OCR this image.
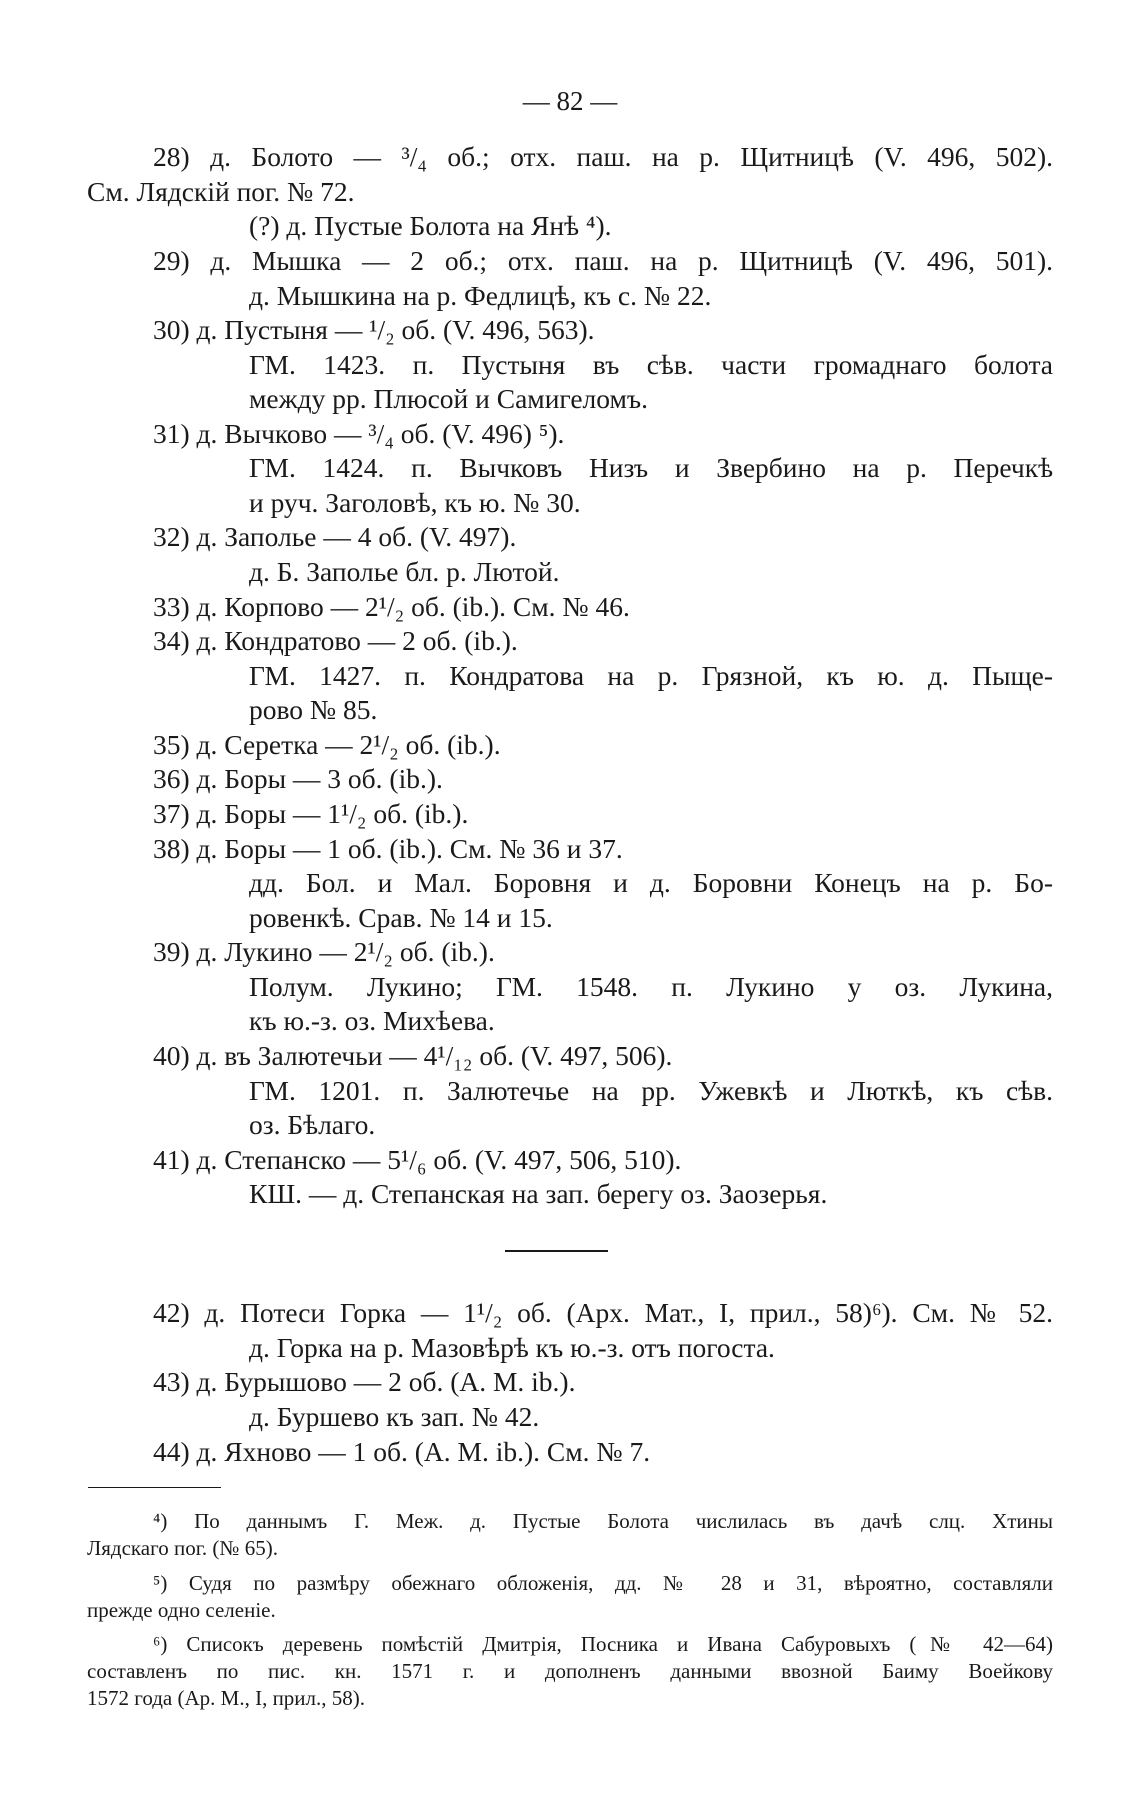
— 82 —
28) д. Болото — ³/₄ об.; отх. паш. на р. Щитницѣ (V. 496, 502).
См. Лядскій пог. № 72.
(?) д. Пустые Болота на Янѣ ⁴).
29) д. Мышка — 2 об.; отх. паш. на р. Щитницѣ (V. 496, 501).
д. Мышкина на р. Федлицѣ, къ с. № 22.
30) д. Пустыня — ¹/₂ об. (V. 496, 563).
ГМ. 1423. п. Пустыня въ сѣв. части громаднаго болота
между рр. Плюсой и Самигеломъ.
31) д. Вычково — ³/₄ об. (V. 496) ⁵).
ГМ. 1424. п. Вычковъ Низъ и Звербино на р. Перечкѣ
и руч. Заголовѣ, къ ю. № 30.
32) д. Заполье — 4 об. (V. 497).
д. Б. Заполье бл. р. Лютой.
33) д. Корпово — 2¹/₂ об. (ib.). См. № 46.
34) д. Кондратово — 2 об. (ib.).
ГМ. 1427. п. Кондратова на р. Грязной, къ ю. д. Пыще-
рово № 85.
35) д. Серетка — 2¹/₂ об. (ib.).
36) д. Боры — 3 об. (ib.).
37) д. Боры — 1¹/₂ об. (ib.).
38) д. Боры — 1 об. (ib.). См. № 36 и 37.
дд. Бол. и Мал. Боровня и д. Боровни Конецъ на р. Бо-
ровенкѣ. Срав. № 14 и 15.
39) д. Лукино — 2¹/₂ об. (ib.).
Полум. Лукино; ГМ. 1548. п. Лукино у оз. Лукина,
къ ю.-з. оз. Михѣева.
40) д. въ Залютечьи — 4¹/₁₂ об. (V. 497, 506).
ГМ. 1201. п. Залютечье на рр. Ужевкѣ и Люткѣ, къ сѣв.
оз. Бѣлаго.
41) д. Степанско — 5¹/₆ об. (V. 497, 506, 510).
КШ. — д. Степанская на зап. берегу оз. Заозерья.
42) д. Потеси Горка — 1¹/₂ об. (Арх. Мат., I, прил., 58)⁶). См. № 52.
д. Горка на р. Мазовѣрѣ къ ю.-з. отъ погоста.
43) д. Бурышово — 2 об. (А. М. ib.).
д. Буршево къ зап. № 42.
44) д. Яхново — 1 об. (А. М. ib.). См. № 7.
⁴) По даннымъ Г. Меж. д. Пустые Болота числилась въ дачѣ слц. Хтины
Лядскаго пог. (№ 65).
⁵) Судя по размѣру обежнаго обложенія, дд. № 28 и 31, вѣроятно, составляли
прежде одно селеніе.
⁶) Списокъ деревень помѣстій Дмитрія, Посника и Ивана Сабуровыхъ (№ 42—64)
составленъ по пис. кн. 1571 г. и дополненъ данными ввозной Баиму Воейкову
1572 года (Ар. М., I, прил., 58).
